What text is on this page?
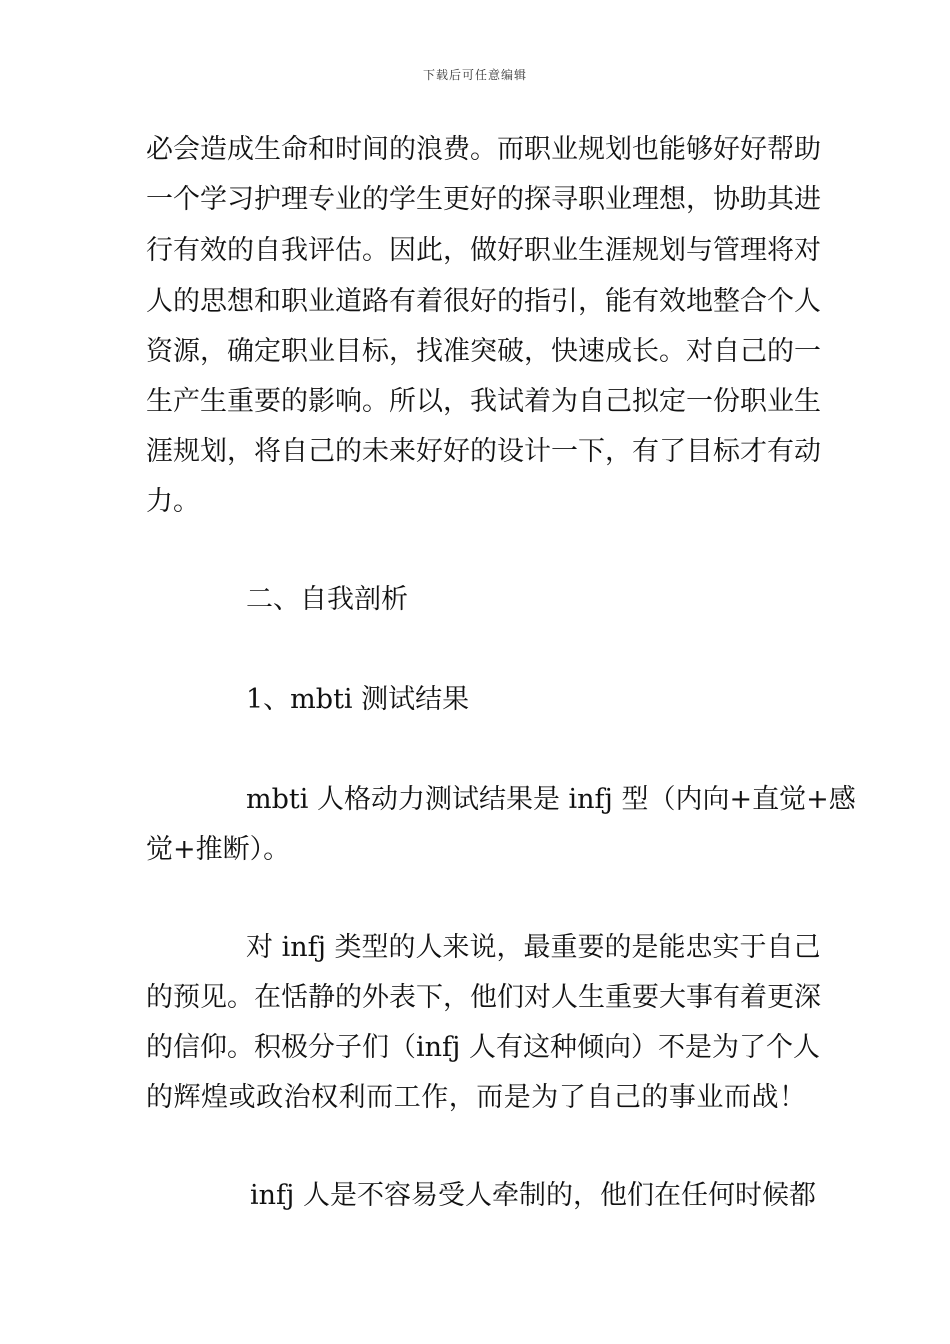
下载后可任意编辑
必会造成生命和时间的浪费。而职业规划也能够好好帮助
一个学习护理专业的学生更好的探寻职业理想，协助其进
行有效的自我评估。因此，做好职业生涯规划与管理将对
人的思想和职业道路有着很好的指引，能有效地整合个人
资源，确定职业目标，找准突破，快速成长。对自己的一
生产生重要的影响。所以，我试着为自己拟定一份职业生
涯规划，将自己的未来好好的设计一下，有了目标才有动
力。
二、自我剖析
1、mbti 测试结果
mbti 人格动力测试结果是 infj 型（内向+直觉+感
觉+推断）。
对 infj 类型的人来说，最重要的是能忠实于自己
的预见。在恬静的外表下，他们对人生重要大事有着更深
的信仰。积极分子们（infj 人有这种倾向）不是为了个人
的辉煌或政治权利而工作，而是为了自己的事业而战！
infj 人是不容易受人牵制的，他们在任何时候都
